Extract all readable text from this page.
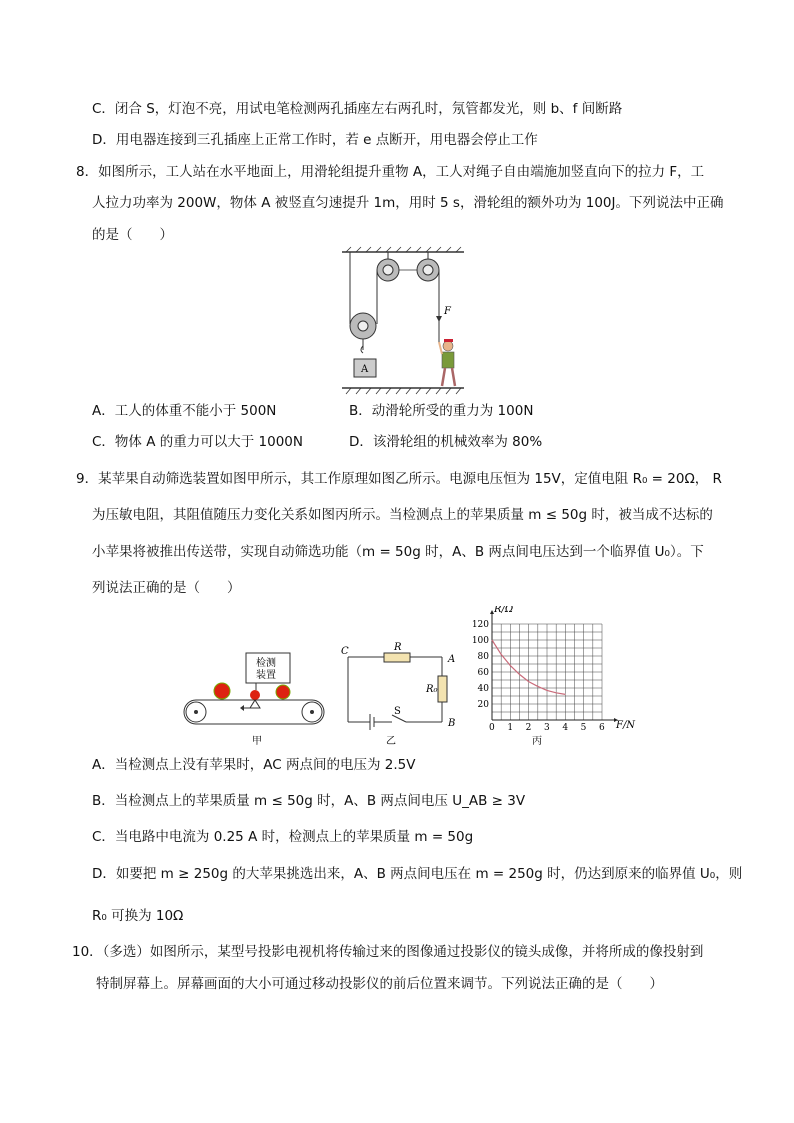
C．闭合 S，灯泡不亮，用试电笔检测两孔插座左右两孔时，氖管都发光，则 b、f 间断路
D．用电器连接到三孔插座上正常工作时，若 e 点断开，用电器会停止工作
8．如图所示，工人站在水平地面上，用滑轮组提升重物 A，工人对绳子自由端施加竖直向下的拉力 F，工
人拉力功率为 200W，物体 A 被竖直匀速提升 1m，用时 5 s，滑轮组的额外功为 100J。下列说法中正确
的是（　　）
A
F
A．工人的体重不能小于 500N	B．动滑轮所受的重力为 100N
C．物体 A 的重力可以大于 1000N	D．该滑轮组的机械效率为 80%
9．某苹果自动筛选装置如图甲所示，其工作原理如图乙所示。电源电压恒为 15V，定值电阻 R₀ = 20Ω， R
为压敏电阻，其阻值随压力变化关系如图丙所示。当检测点上的苹果质量 m ≤ 50g 时，被当成不达标的
小苹果将被推出传送带，实现自动筛选功能（m = 50g 时，A、B 两点间电压达到一个临界值 U₀）。下
列说法正确的是（　　）
检测
装置
甲
C
A
B
R
R₀
S
乙
0 1 2 3 4 5 6
20
40
60
80
100
120
F/N
R/Ω
丙
A．当检测点上没有苹果时，AC 两点间的电压为 2.5V
B．当检测点上的苹果质量 m ≤ 50g 时，A、B 两点间电压 U_AB ≥ 3V
C．当电路中电流为 0.25 A 时，检测点上的苹果质量 m = 50g
D．如要把 m ≥ 250g 的大苹果挑选出来，A、B 两点间电压在 m = 250g 时，仍达到原来的临界值 U₀，则
R₀ 可换为 10Ω
10．（多选）如图所示，某型号投影电视机将传输过来的图像通过投影仪的镜头成像，并将所成的像投射到
特制屏幕上。屏幕画面的大小可通过移动投影仪的前后位置来调节。下列说法正确的是（　　）
